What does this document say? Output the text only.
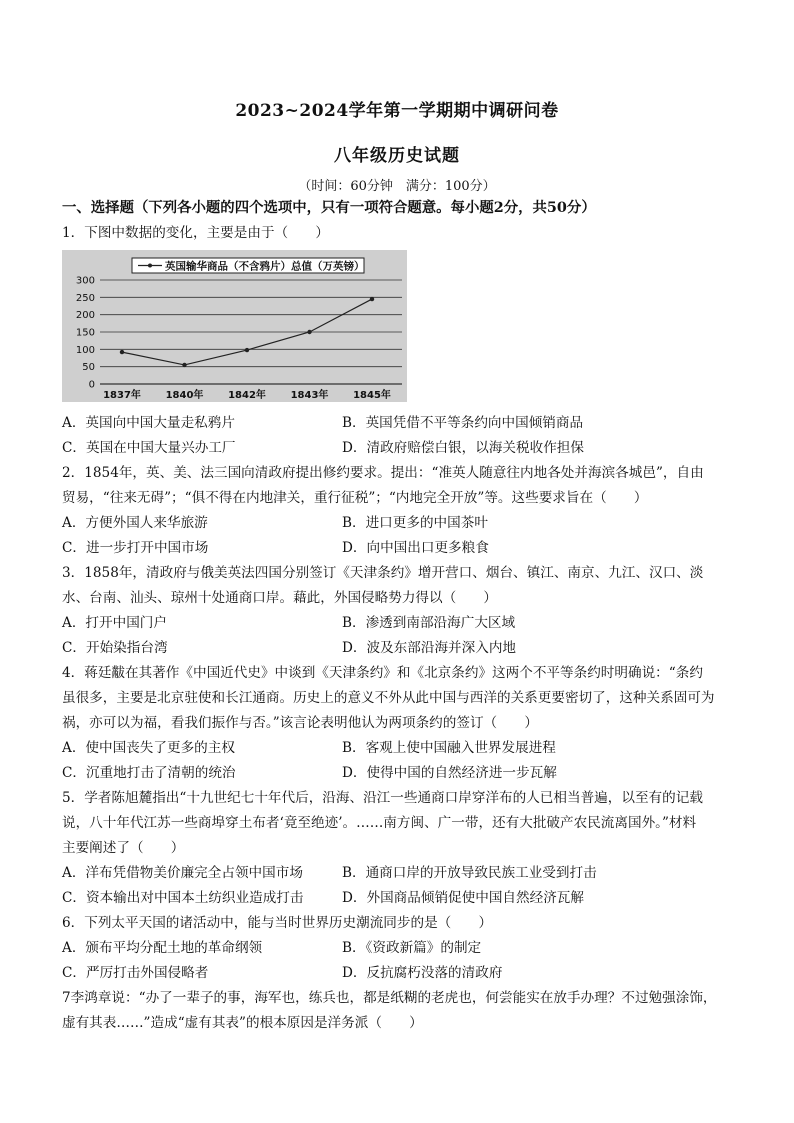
2023~2024学年第一学期期中调研问卷
八年级历史试题
（时间：60分钟　满分：100分）
一、选择题（下列各小题的四个选项中，只有一项符合题意。每小题2分，共50分）
1．下图中数据的变化，主要是由于（　　）
0
50
100
150
200
250
300
1837年 1840年 1842年 1843年 1845年
英国输华商品（不含鸦片）总值（万英镑）
A．英国向中国大量走私鸦片	B．英国凭借不平等条约向中国倾销商品
C．英国在中国大量兴办工厂	D．清政府赔偿白银，以海关税收作担保
2．1854年，英、美、法三国向清政府提出修约要求。提出：“准英人随意往内地各处并海滨各城邑”，自由
贸易，“往来无碍”；“俱不得在内地津关，重行征税”；“内地完全开放”等。这些要求旨在（　　）
A．方便外国人来华旅游	B．进口更多的中国茶叶
C．进一步打开中国市场	D．向中国出口更多粮食
3．1858年，清政府与俄美英法四国分别签订《天津条约》增开营口、烟台、镇江、南京、九江、汉口、淡
水、台南、汕头、琼州十处通商口岸。藉此，外国侵略势力得以（　　）
A．打开中国门户	B．渗透到南部沿海广大区域
C．开始染指台湾	D．波及东部沿海并深入内地
4．蒋廷黻在其著作《中国近代史》中谈到《天津条约》和《北京条约》这两个不平等条约时明确说：“条约
虽很多，主要是北京驻使和长江通商。历史上的意义不外从此中国与西洋的关系更要密切了，这种关系固可为
祸，亦可以为福，看我们振作与否。”该言论表明他认为两项条约的签订（　　）
A．使中国丧失了更多的主权	B．客观上使中国融入世界发展进程
C．沉重地打击了清朝的统治	D．使得中国的自然经济进一步瓦解
5．学者陈旭麓指出“十九世纪七十年代后，沿海、沿江一些通商口岸穿洋布的人已相当普遍，以至有的记载
说，八十年代江苏一些商埠穿土布者‘竟至绝迹’。……南方闽、广一带，还有大批破产农民流离国外。”材料
主要阐述了（　　）
A．洋布凭借物美价廉完全占领中国市场	B．通商口岸的开放导致民族工业受到打击
C．资本输出对中国本土纺织业造成打击	D．外国商品倾销促使中国自然经济瓦解
6．下列太平天国的诸活动中，能与当时世界历史潮流同步的是（　　）
A．颁布平均分配土地的革命纲领	B．《资政新篇》的制定
C．严厉打击外国侵略者	D．反抗腐朽没落的清政府
7李鸿章说：“办了一辈子的事，海军也，练兵也，都是纸糊的老虎也，何尝能实在放手办理？不过勉强涂饰，
虚有其表……”造成“虚有其表”的根本原因是洋务派（　　）
